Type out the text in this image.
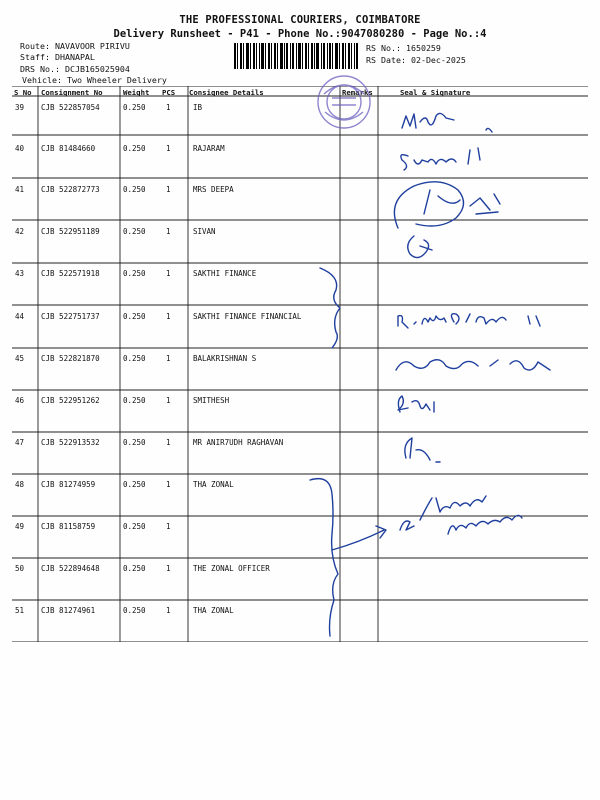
THE PROFESSIONAL COURIERS, COIMBATORE
Delivery Runsheet - P41 - Phone No.:9047080280 - Page No.:4
Route: NAVAVOOR PIRIVU
Staff: DHANAPAL
DRS No.: DCJB165025904
Vehicle: Two Wheeler Delivery
RS No.: 1650259
RS Date: 02-Dec-2025
S No Consignment No	Weight PCS Consignee Details	Remarks	Seal & Signature
39 CJB 522857054	0.250	1	IB
40 CJB 81484660	0.250	1	RAJARAM
41 CJB 522872773	0.250	1	MRS DEEPA
42 CJB 522951189	0.250	1	SIVAN
43 CJB 522571918	0.250	1	SAKTHI FINANCE
44 CJB 522751737	0.250	1	SAKTHI FINANCE FINANCIAL
45 CJB 522821870	0.250	1	BALAKRISHNAN S
46 CJB 522951262	0.250	1	SMITHESH
47 CJB 522913532	0.250	1	MR ANIR7UDH RAGHAVAN
48 CJB 81274959	0.250	1	THA ZONAL
49 CJB 81158759	0.250	1
50 CJB 522894648	0.250	1	THE ZONAL OFFICER
51 CJB 81274961	0.250	1	THA ZONAL
